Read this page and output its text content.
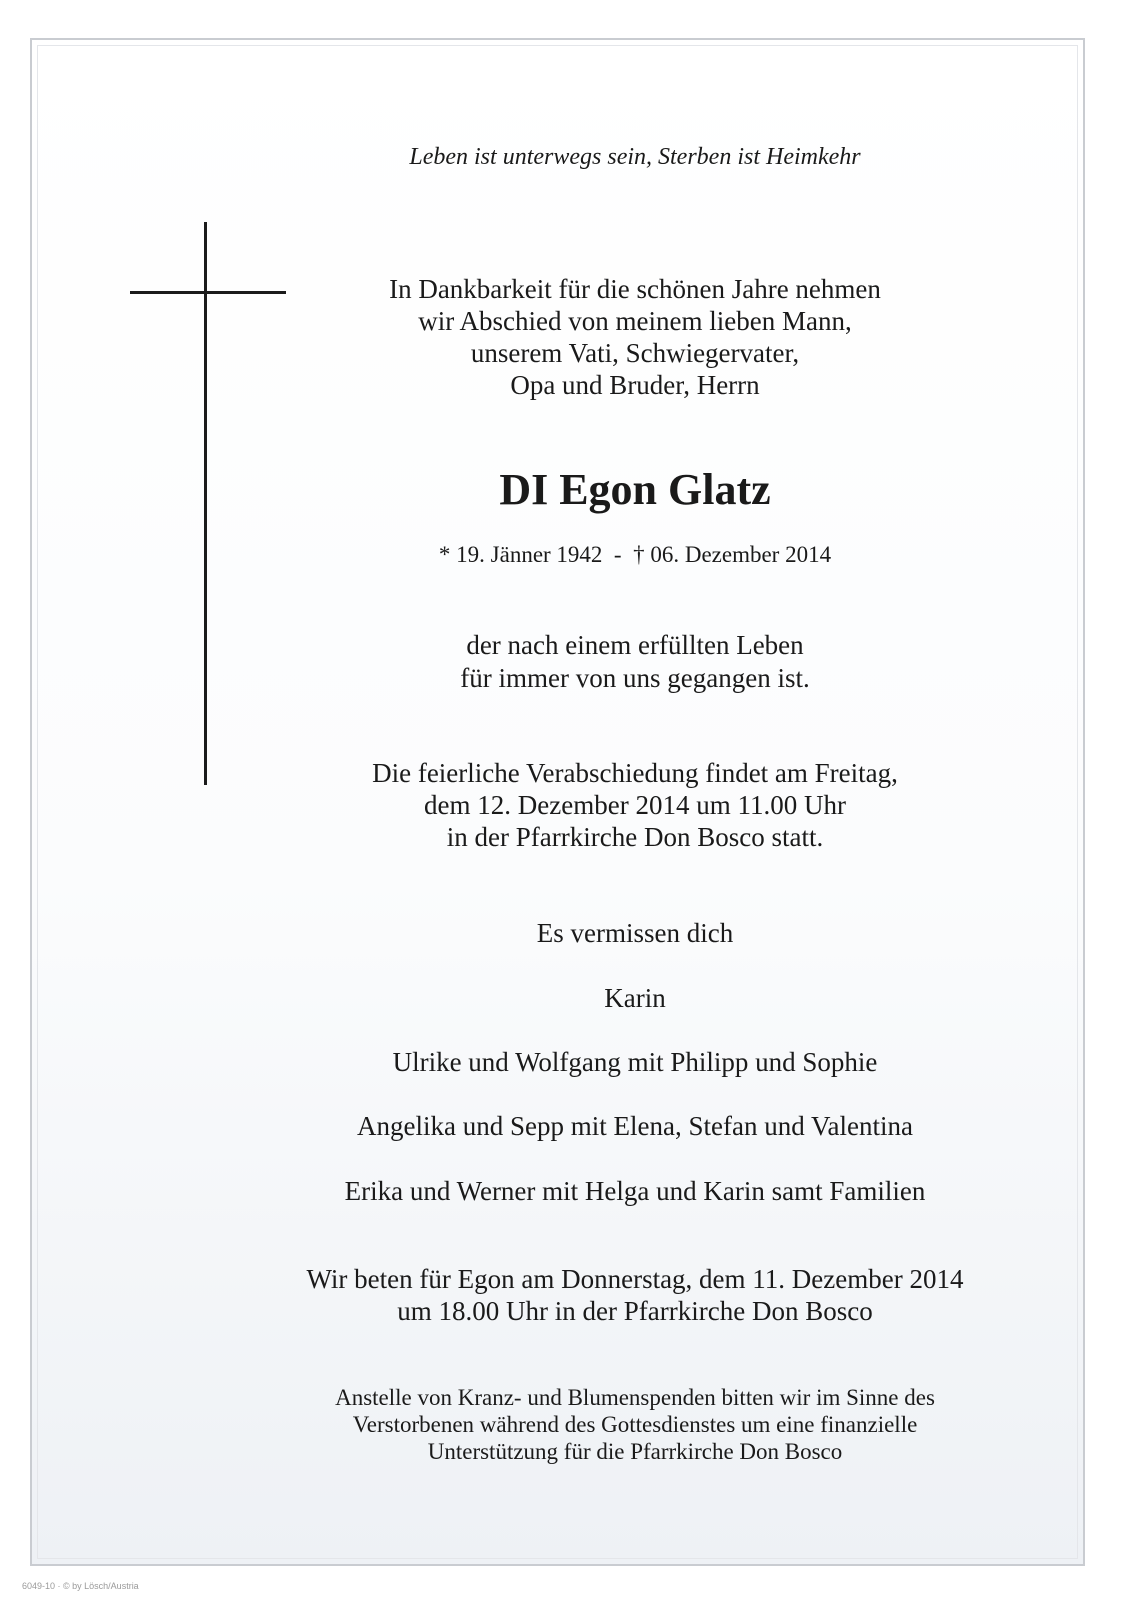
Leben ist unterwegs sein, Sterben ist Heimkehr
In Dankbarkeit für die schönen Jahre nehmen
wir Abschied von meinem lieben Mann,
unserem Vati, Schwiegervater,
Opa und Bruder, Herrn
DI Egon Glatz
* 19. Jänner 1942  -  † 06. Dezember 2014
der nach einem erfüllten Leben
für immer von uns gegangen ist.
Die feierliche Verabschiedung findet am Freitag,
dem 12. Dezember 2014 um 11.00 Uhr
in der Pfarrkirche Don Bosco statt.
Es vermissen dich
Karin
Ulrike und Wolfgang mit Philipp und Sophie
Angelika und Sepp mit Elena, Stefan und Valentina
Erika und Werner mit Helga und Karin samt Familien
Wir beten für Egon am Donnerstag, dem 11. Dezember 2014
um 18.00 Uhr in der Pfarrkirche Don Bosco
Anstelle von Kranz- und Blumenspenden bitten wir im Sinne des
Verstorbenen während des Gottesdienstes um eine finanzielle
Unterstützung für die Pfarrkirche Don Bosco
6049-10 · © by Lösch/Austria
